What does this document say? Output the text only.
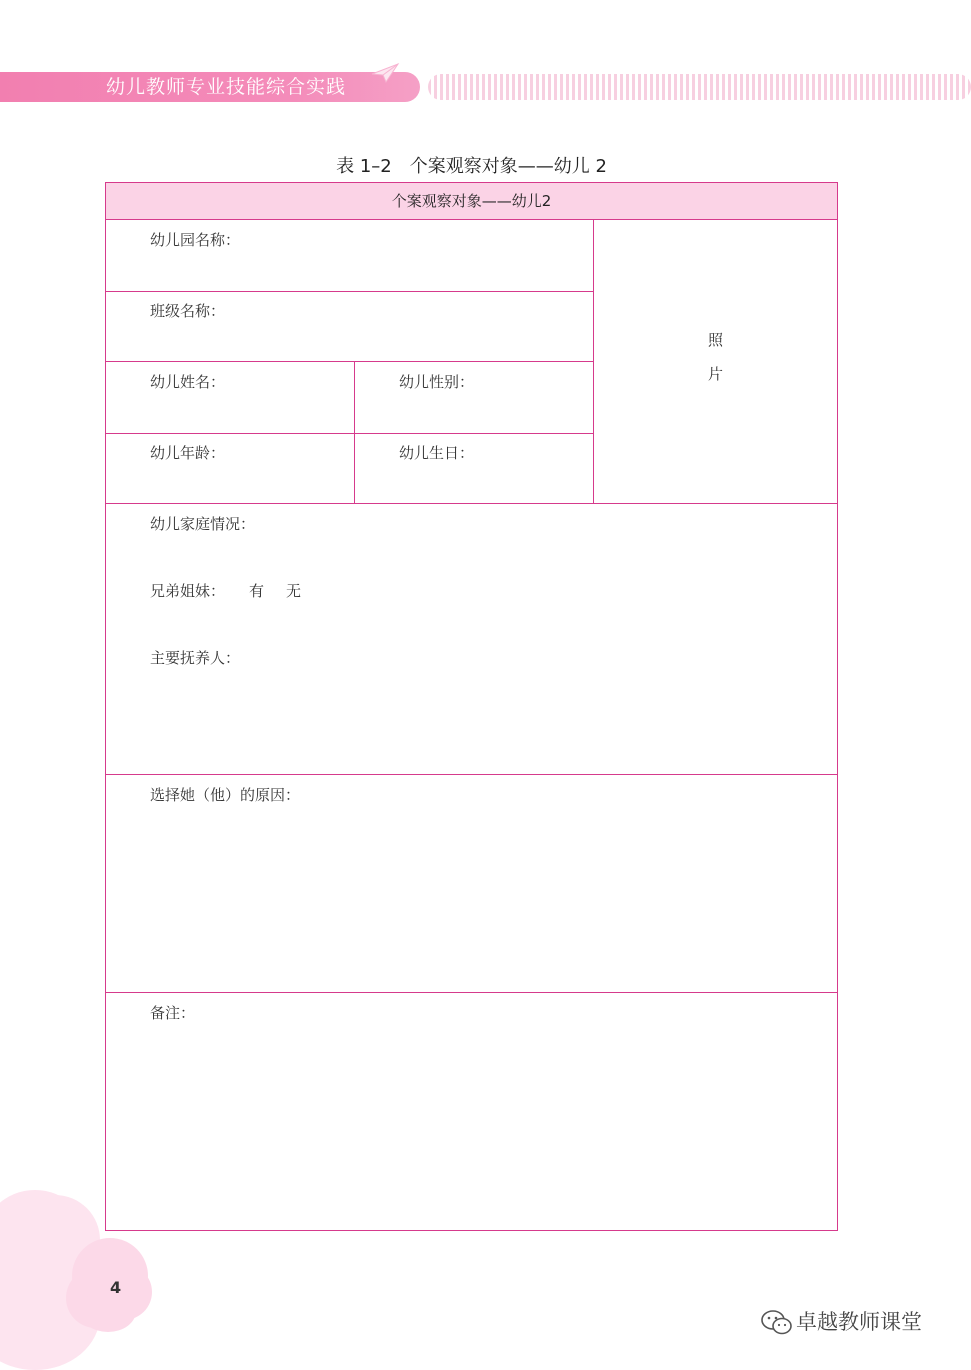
幼儿教师专业技能综合实践
表 1–2　个案观察对象——幼儿 2
个案观察对象——幼儿2
幼儿园名称：
班级名称：
幼儿姓名：	幼儿性别：
幼儿年龄：	幼儿生日：
照
片
幼儿家庭情况：
兄弟姐妹： 有 无
主要抚养人：
选择她（他）的原因：
备注：
4
卓越教师课堂
